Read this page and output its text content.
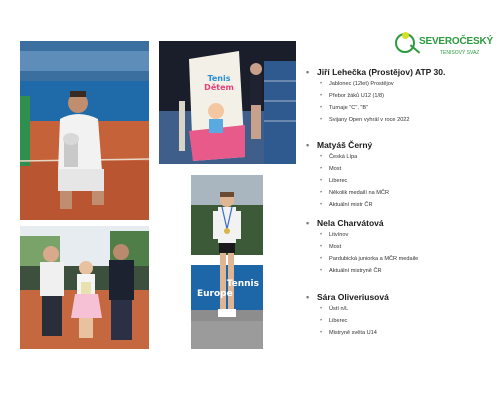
Tenis
Dětem
Tennis
Europe
SEVEROČESKÝ
TENISOVÝ SVAZ
• Jiří Lehečka (Prostějov) ATP 30.
• Jablonec (12let) Prostějov
• Přebor žáků U12 (1/8)
• Turnaje "C", "B"
• Svijany Open vyhrál v roce 2022
• Matyáš Černý
• Česká Lípa
• Most
• Liberec
• Několik medailí na MČR
• Aktuální mistr ČR
• Nela Charvátová
• Litvínov
• Most
• Pardubická juniorka a MČR medaile
• Aktuální mistryně ČR
• Sára Oliveriusová
• Ústí n/L
• Liberec
• Mistryně světa U14
